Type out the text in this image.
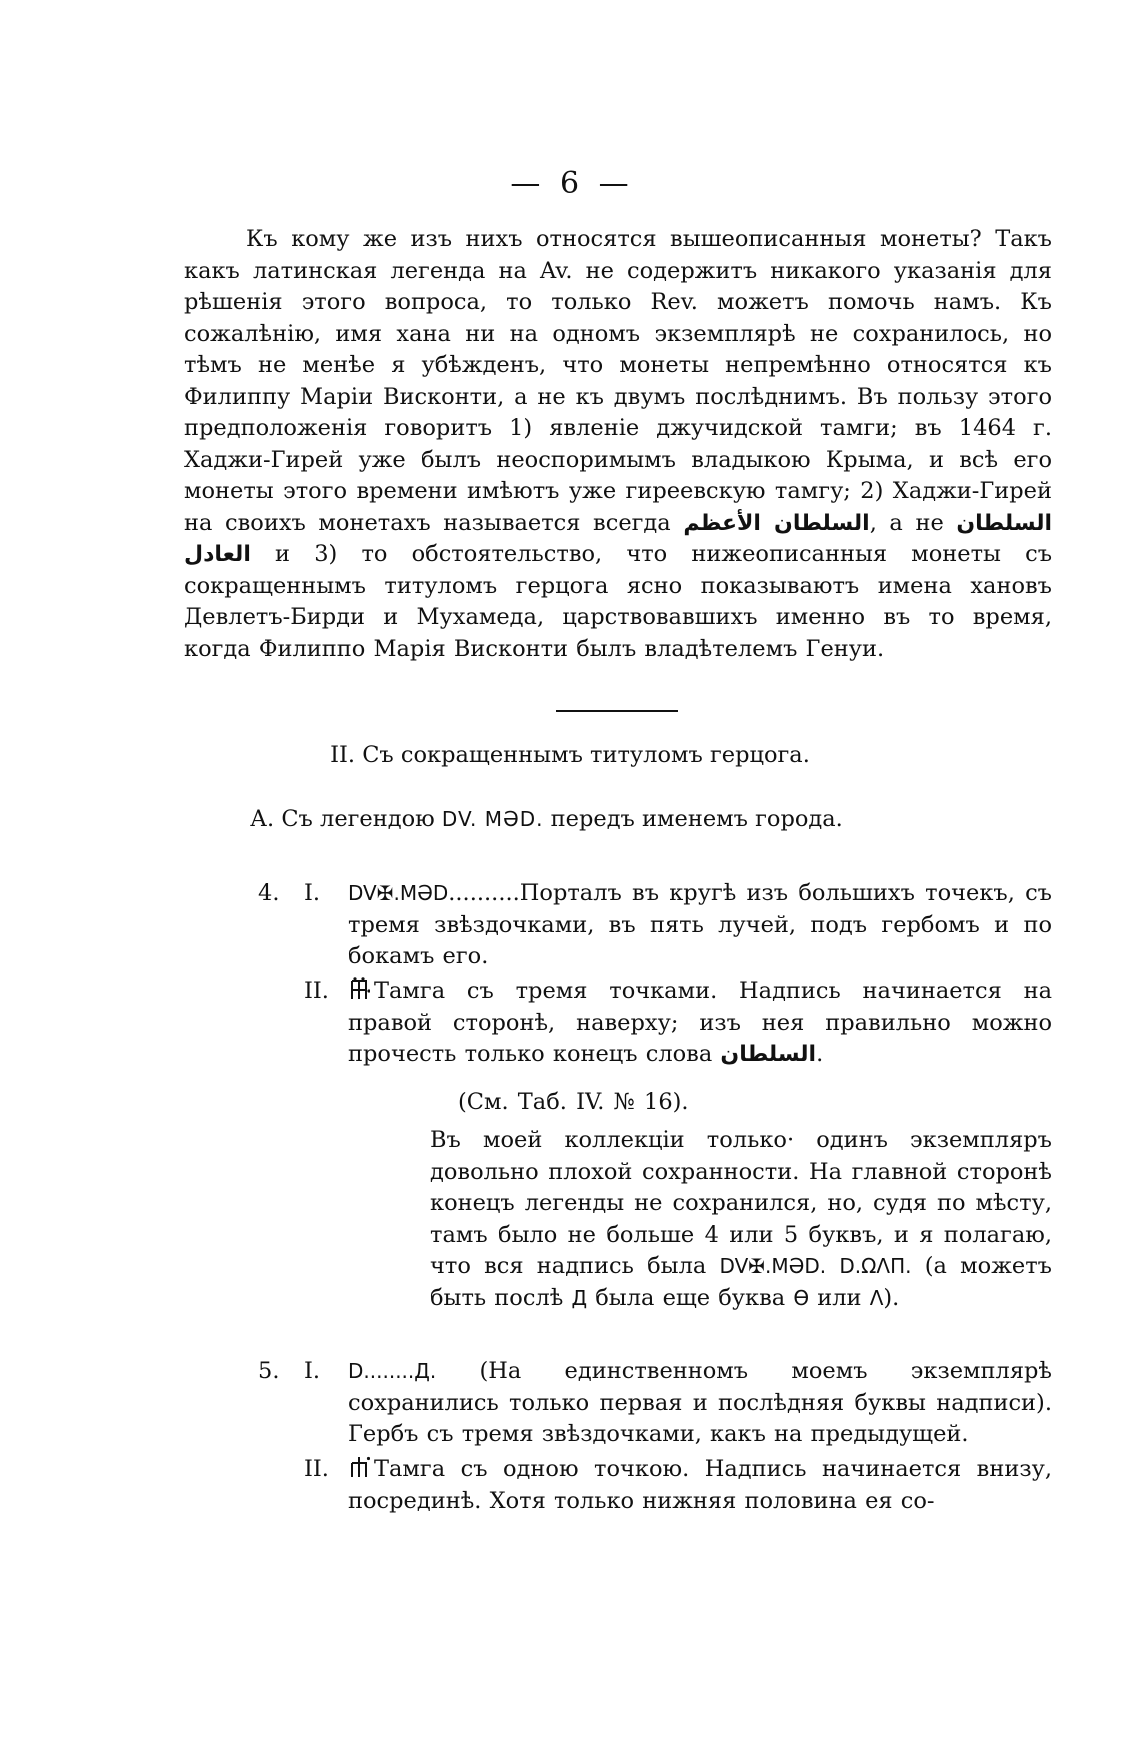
— 6 —

Къ кому же изъ нихъ относятся вышеописанныя монеты? Такъ какъ латинская легенда на Av. не содержитъ никакого указанія для рѣшенія этого вопроса, то только Rev. можетъ помочь намъ. Къ сожалѣнію, имя хана ни на одномъ экземплярѣ не сохранилось, но тѣмъ не менѣе я убѣжденъ, что монеты непремѣнно относятся къ Филиппу Маріи Висконти, а не къ двумъ послѣднимъ. Въ пользу этого предположенія говоритъ 1) явленіе джучидской тамги; въ 1464 г. Хаджи-Гирей уже былъ неоспоримымъ владыкою Крыма, и всѣ его монеты этого времени имѣютъ уже гиреевскую тамгу; 2) Хаджи-Гирей на своихъ монетахъ называется всегда السلطان الأعظم, а не السلطان العادل и 3) то обстоятельство, что нижеописанныя монеты съ сокращеннымъ титуломъ герцога ясно показываютъ имена хановъ Девлетъ-Бирди и Мухамеда, царствовавшихъ именно въ то время, когда Филиппо Марія Висконти былъ владѣтелемъ Генуи.

II. Съ сокращеннымъ титуломъ герцога.
А. Съ легендою DV. MƏD. передъ именемъ города.
4.	I.	DV✠.MƏD..........Порталъ въ кругѣ изъ большихъ точекъ, съ тремя звѣздочками, въ пять лучей, подъ гербомъ и по бокамъ его.
II.	Тамга съ тремя точками. Надпись начинается на правой сторонѣ, наверху; изъ нея правильно можно прочесть только конецъ слова السلطان.
(См. Таб. IV. № 16).
Въ моей коллекціи только· одинъ экземпляръ довольно плохой сохранности. На главной сторонѣ конецъ легенды не сохранился, но, судя по мѣсту, тамъ было не больше 4 или 5 буквъ, и я полагаю, что вся надпись была DV✠.MƏD. D.ΩΛΠ. (а можетъ быть послѣ Д была еще буква Ɵ или Λ).
5.	I.	D........Д. (На единственномъ моемъ экземплярѣ сохранились только первая и послѣдняя буквы надписи). Гербъ съ тремя звѣздочками, какъ на предыдущей.
II.	Тамга съ одною точкою. Надпись начинается внизу, посрединѣ. Хотя только нижняя половина ея со-
